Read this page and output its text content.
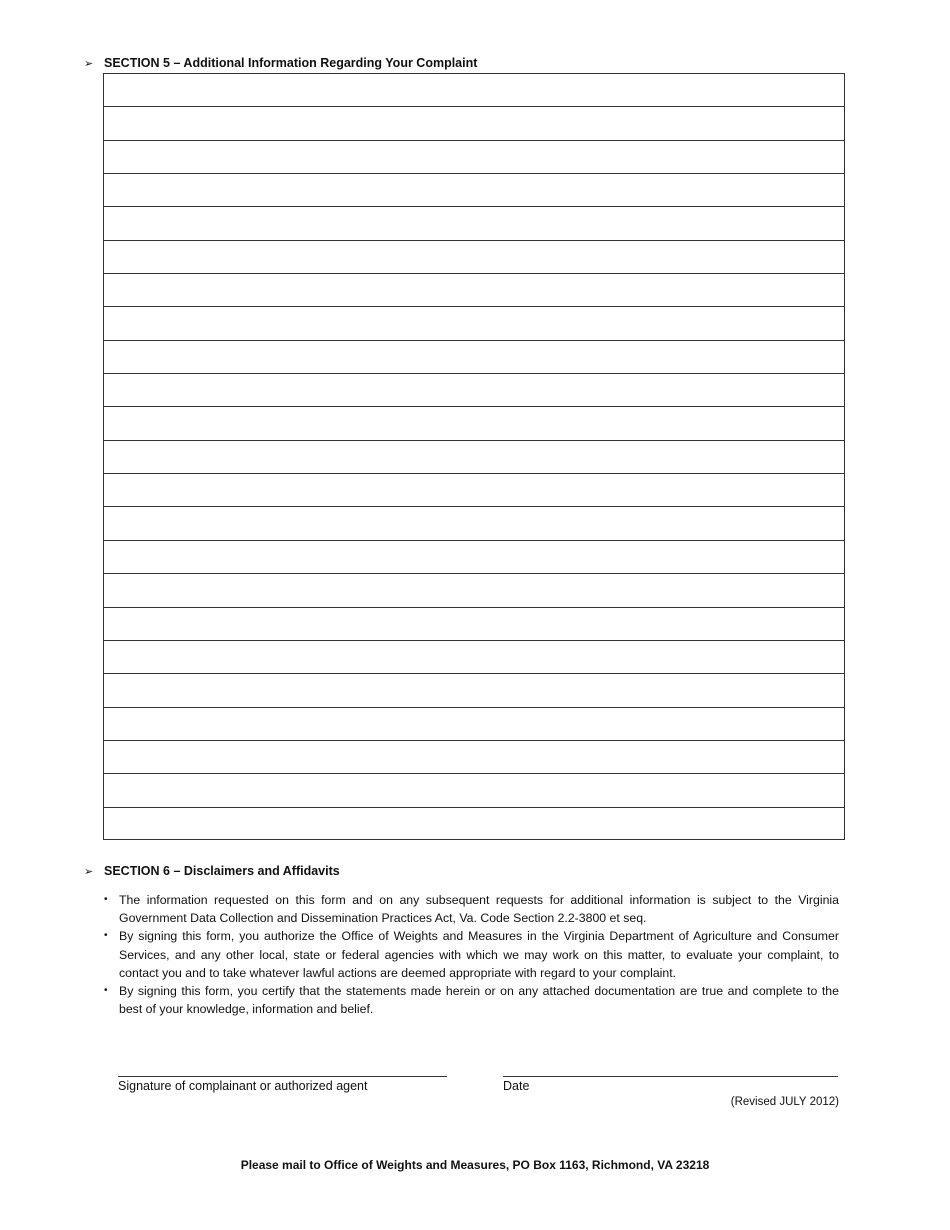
➢ SECTION 5 – Additional Information Regarding Your Complaint
➢ SECTION 6 – Disclaimers and Affidavits
• The information requested on this form and on any subsequent requests for additional information is subject to the Virginia Government Data Collection and Dissemination Practices Act, Va. Code Section 2.2-3800 et seq.
• By signing this form, you authorize the Office of Weights and Measures in the Virginia Department of Agriculture and Consumer Services, and any other local, state or federal agencies with which we may work on this matter, to evaluate your complaint, to contact you and to take whatever lawful actions are deemed appropriate with regard to your complaint.
• By signing this form, you certify that the statements made herein or on any attached documentation are true and complete to the best of your knowledge, information and belief.
Signature of complainant or authorized agent	Date
(Revised JULY 2012)
Please mail to Office of Weights and Measures, PO Box 1163, Richmond, VA 23218
